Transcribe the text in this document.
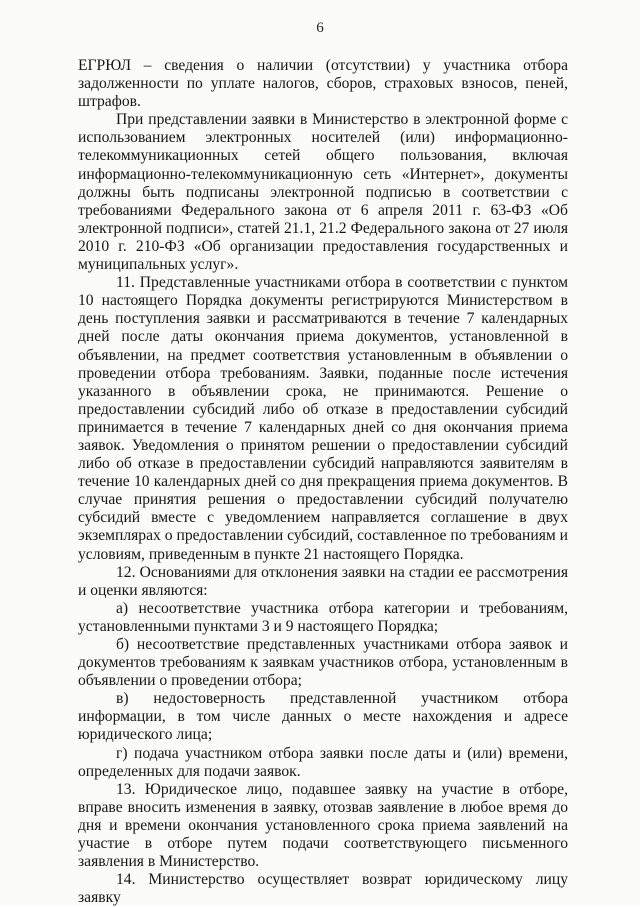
6

ЕГРЮЛ – сведения о наличии (отсутствии) у участника отбора задолженности по уплате налогов, сборов, страховых взносов, пеней, штрафов.

При представлении заявки в Министерство в электронной форме с использованием электронных носителей (или) информационно-телекоммуникационных сетей общего пользования, включая информационно-телекоммуникационную сеть «Интернет», документы должны быть подписаны электронной подписью в соответствии с требованиями Федерального закона от 6 апреля 2011 г. 63-ФЗ «Об электронной подписи», статей 21.1, 21.2 Федерального закона от 27 июля 2010 г. 210-ФЗ «Об организации предоставления государственных и муниципальных услуг».

11. Представленные участниками отбора в соответствии с пунктом 10 настоящего Порядка документы регистрируются Министерством в день поступления заявки и рассматриваются в течение 7 календарных дней после даты окончания приема документов, установленной в объявлении, на предмет соответствия установленным в объявлении о проведении отбора требованиям. Заявки, поданные после истечения указанного в объявлении срока, не принимаются. Решение о предоставлении субсидий либо об отказе в предоставлении субсидий принимается в течение 7 календарных дней со дня окончания приема заявок. Уведомления о принятом решении о предоставлении субсидий либо об отказе в предоставлении субсидий направляются заявителям в течение 10 календарных дней со дня прекращения приема документов. В случае принятия решения о предоставлении субсидий получателю субсидий вместе с уведомлением направляется соглашение в двух экземплярах о предоставлении субсидий, составленное по требованиям и условиям, приведенным в пункте 21 настоящего Порядка.

12. Основаниями для отклонения заявки на стадии ее рассмотрения и оценки являются:

а) несоответствие участника отбора категории и требованиям, установленными пунктами 3 и 9 настоящего Порядка;

б) несоответствие представленных участниками отбора заявок и документов требованиям к заявкам участников отбора, установленным в объявлении о проведении отбора;

в) недостоверность представленной участником отбора информации, в том числе данных о месте нахождения и адресе юридического лица;

г) подача участником отбора заявки после даты и (или) времени, определенных для подачи заявок.

13. Юридическое лицо, подавшее заявку на участие в отборе, вправе вносить изменения в заявку, отозвав заявление в любое время до дня и времени окончания установленного срока приема заявлений на участие в отборе путем подачи соответствующего письменного заявления в Министерство.

14. Министерство осуществляет возврат юридическому лицу заявку
